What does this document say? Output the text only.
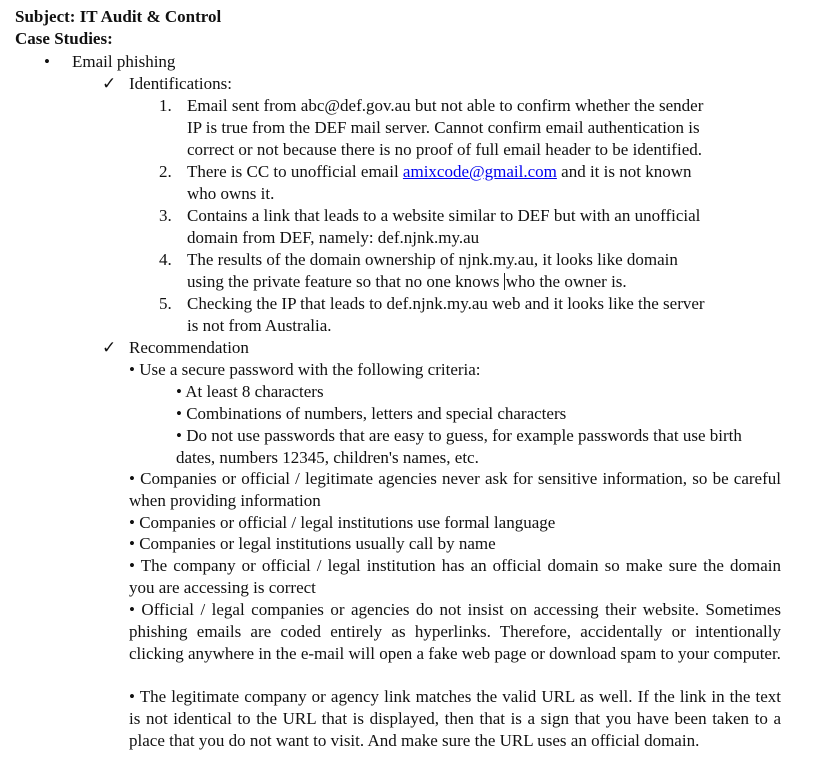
Subject: IT Audit & Control
Case Studies:
• Email phishing
✓ Identifications:
1. Email sent from abc@def.gov.au but not able to confirm whether the sender
IP is true from the DEF mail server. Cannot confirm email authentication is
correct or not because there is no proof of full email header to be identified.
2. There is CC to unofficial email amixcode@gmail.com and it is not known
who owns it.
3. Contains a link that leads to a website similar to DEF but with an unofficial
domain from DEF, namely: def.njnk.my.au
4. The results of the domain ownership of njnk.my.au, it looks like domain
using the private feature so that no one knows who the owner is.
5. Checking the IP that leads to def.njnk.my.au web and it looks like the server
is not from Australia.
✓ Recommendation
• Use a secure password with the following criteria:
• At least 8 characters
• Combinations of numbers, letters and special characters
• Do not use passwords that are easy to guess, for example passwords that use birth dates, numbers 12345, children's names, etc.
• Companies or official / legitimate agencies never ask for sensitive information, so be careful when providing information
• Companies or official / legal institutions use formal language
• Companies or legal institutions usually call by name
• The company or official / legal institution has an official domain so make sure the domain you are accessing is correct
• Official / legal companies or agencies do not insist on accessing their website. Sometimes phishing emails are coded entirely as hyperlinks. Therefore, accidentally or intentionally clicking anywhere in the e-mail will open a fake web page or download spam to your computer.
• The legitimate company or agency link matches the valid URL as well. If the link in the text is not identical to the URL that is displayed, then that is a sign that you have been taken to a place that you do not want to visit. And make sure the URL uses an official domain.
